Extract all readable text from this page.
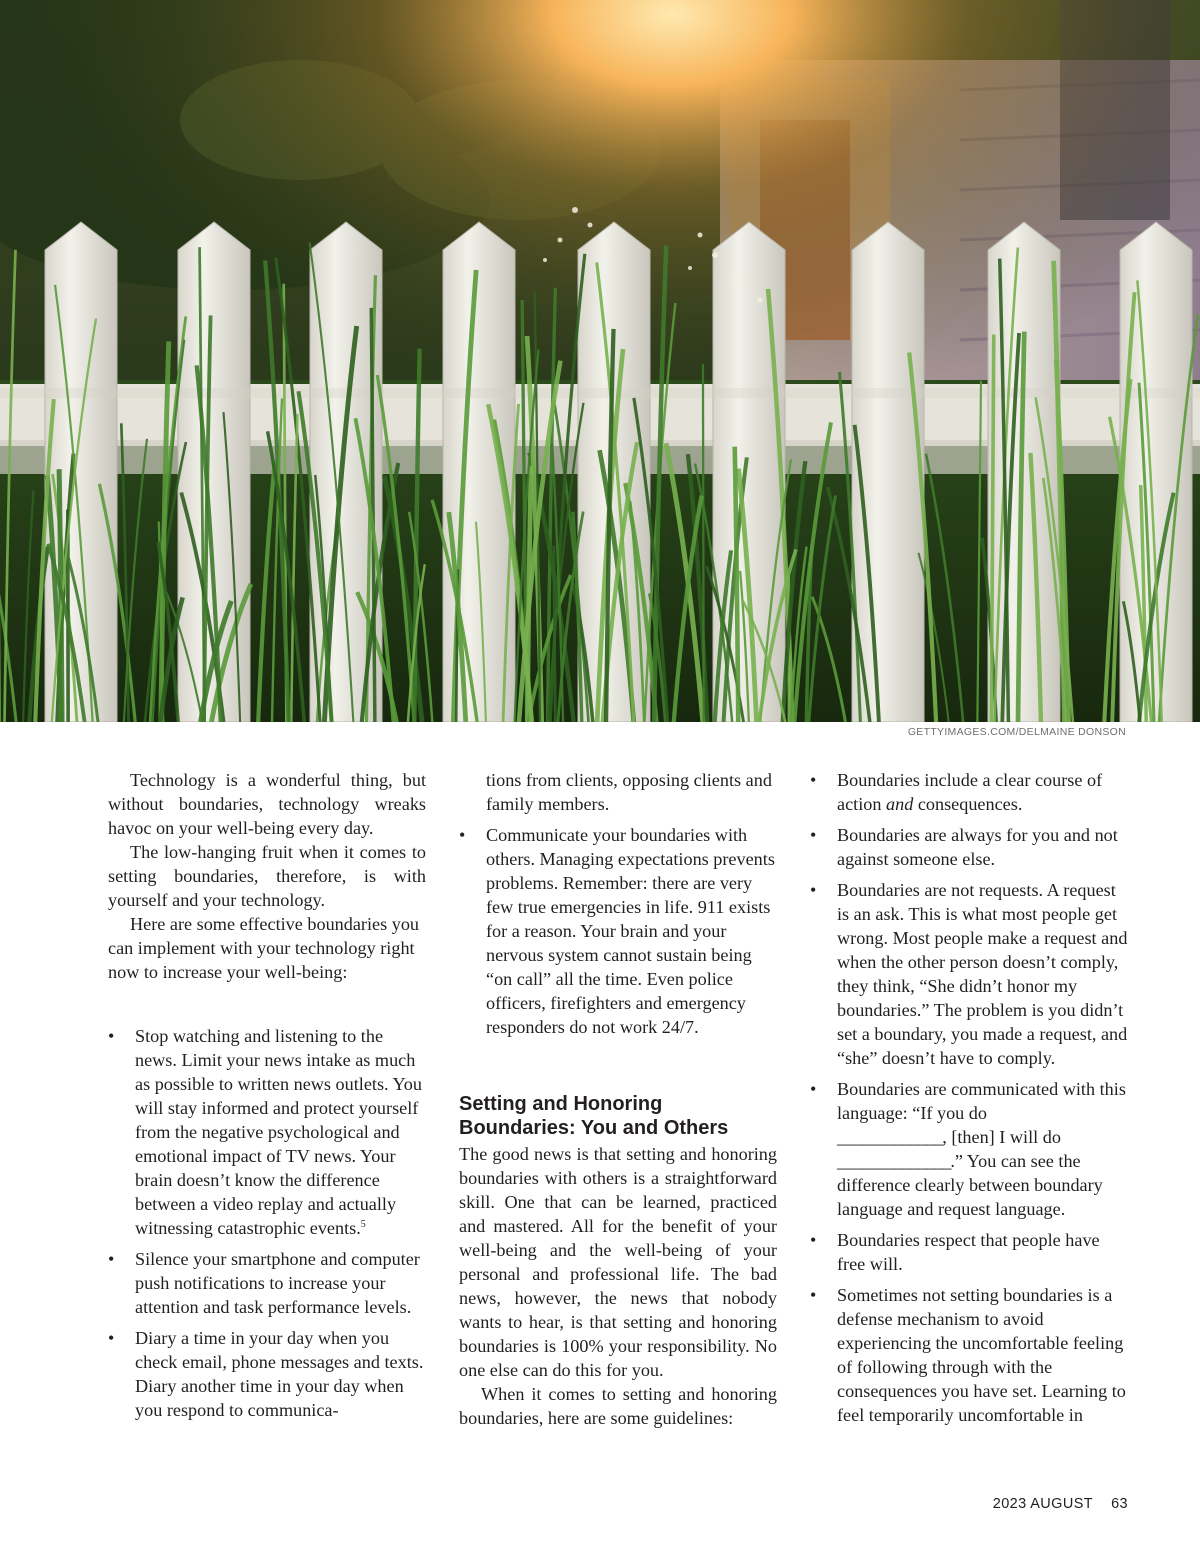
GETTYIMAGES.COM/DELMAINE DONSON

Technology is a wonderful thing, but without boundaries, technology wreaks havoc on your well-being every day.

The low-hanging fruit when it comes to setting boundaries, therefore, is with yourself and your technology.

Here are some effective boundaries you can implement with your technology right now to increase your well-being:

• Stop watching and listening to the news. Limit your news intake as much as possible to written news outlets. You will stay informed and protect yourself from the negative psychological and emotional impact of TV news. Your brain doesn’t know the difference between a video replay and actually witnessing catastrophic events.$^5$
• Silence your smartphone and computer push notifications to increase your attention and task performance levels.
• Diary a time in your day when you check email, phone messages and texts. Diary another time in your day when you respond to communica-
tions from clients, opposing clients and family members.
• Communicate your boundaries with others. Managing expectations prevents problems. Remember: there are very few true emergencies in life. 911 exists for a reason. Your brain and your nervous system cannot sustain being “on call” all the time. Even police officers, firefighters and emergency responders do not work 24/7.
Setting and Honoring Boundaries: You and Others

The good news is that setting and honoring boundaries with others is a straightforward skill. One that can be learned, practiced and mastered. All for the benefit of your well-being and the well-being of your personal and professional life. The bad news, however, the news that nobody wants to hear, is that setting and honoring boundaries is 100% your responsibility. No one else can do this for you.

When it comes to setting and honoring boundaries, here are some guidelines:

• Boundaries include a clear course of action and consequences.
• Boundaries are always for you and not against someone else.
• Boundaries are not requests. A request is an ask. This is what most people get wrong. Most people make a request and when the other person doesn’t comply, they think, “She didn’t honor my boundaries.” The problem is you didn’t set a boundary, you made a request, and “she” doesn’t have to comply.
• Boundaries are communicated with this language: “If you do
_____________, [then] I will do
______________.” You can see the difference clearly between boundary language and request language.
• Boundaries respect that people have free will.
• Sometimes not setting boundaries is a defense mechanism to avoid experiencing the uncomfortable feeling of following through with the consequences you have set. Learning to feel temporarily uncomfortable in
2023 AUGUST 63
